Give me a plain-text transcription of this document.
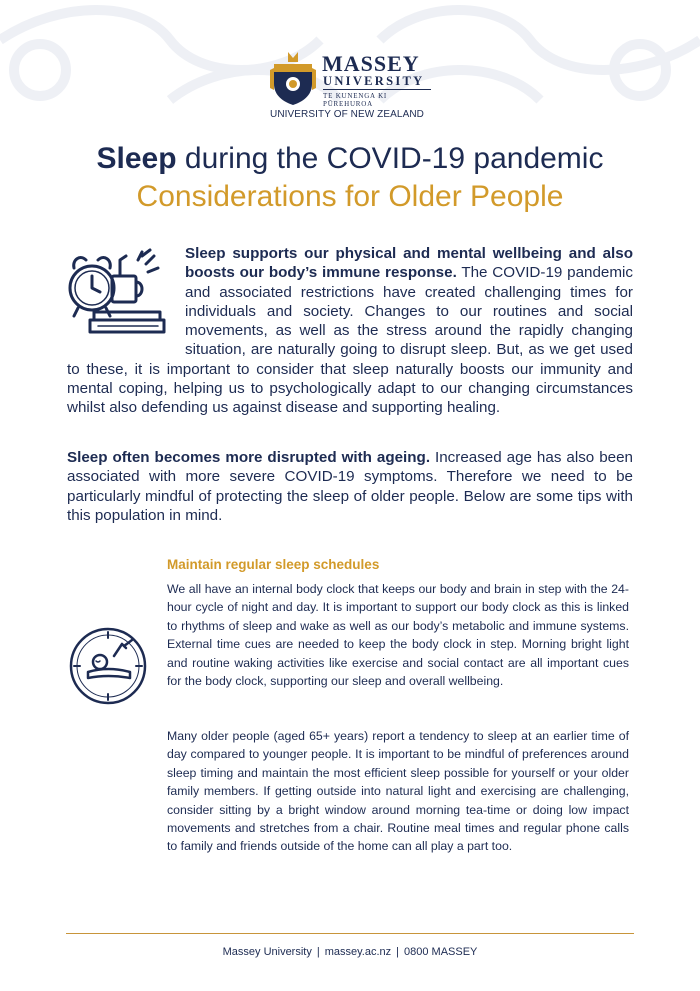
MASSEY
UNIVERSITY
TE KUNENGA KI PŪREHUROA
UNIVERSITY OF NEW ZEALAND
Sleep during the COVID-19 pandemic
Considerations for Older People
Sleep supports our physical and mental wellbeing and also boosts our body’s immune response. The COVID-19 pandemic and associated restrictions have created challenging times for individuals and society. Changes to our routines and social movements, as well as the stress around the rapidly changing situation, are naturally going to disrupt sleep. But, as we get used to these, it is important to consider that sleep naturally boosts our immunity and mental coping, helping us to psychologically adapt to our changing circumstances whilst also defending us against disease and supporting healing.
Sleep often becomes more disrupted with ageing. Increased age has also been associated with more severe COVID-19 symptoms. Therefore we need to be particularly mindful of protecting the sleep of older people. Below are some tips with this population in mind.
Maintain regular sleep schedules
We all have an internal body clock that keeps our body and brain in step with the 24-hour cycle of night and day. It is important to support our body clock as this is linked to rhythms of sleep and wake as well as our body’s metabolic and immune systems. External time cues are needed to keep the body clock in step. Morning bright light and routine waking activities like exercise and social contact are all important cues for the body clock, supporting our sleep and overall wellbeing.
Many older people (aged 65+ years) report a tendency to sleep at an earlier time of day compared to younger people. It is important to be mindful of preferences around sleep timing and maintain the most efficient sleep possible for yourself or your older family members. If getting outside into natural light and exercising are challenging, consider sitting by a bright window around morning tea-time or doing low impact movements and stretches from a chair. Routine meal times and regular phone calls to family and friends outside of the home can all play a part too.
Massey University | massey.ac.nz | 0800 MASSEY
